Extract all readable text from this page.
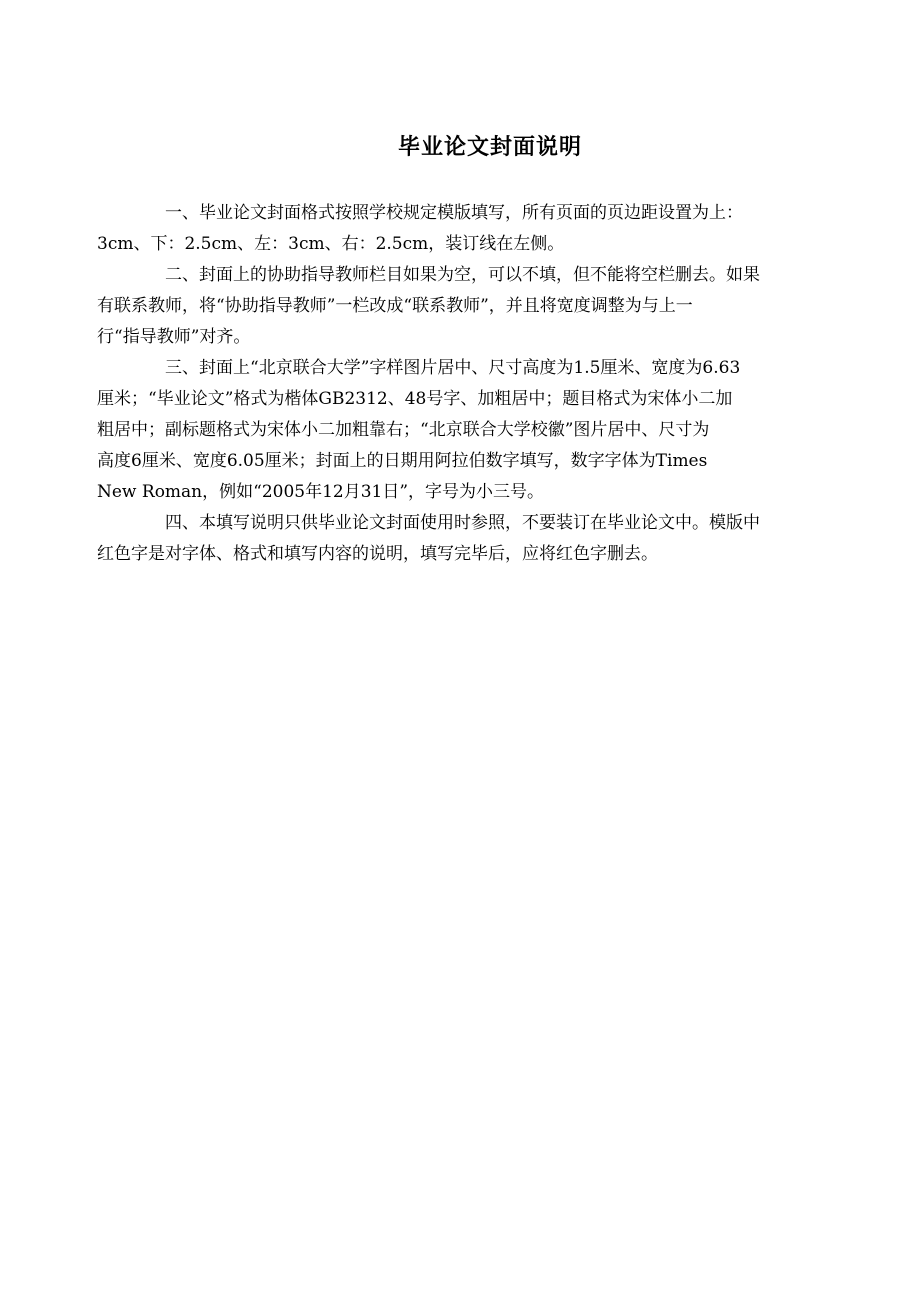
毕业论文封面说明
一、毕业论文封面格式按照学校规定模版填写，所有页面的页边距设置为上：
3cm、下：2.5cm、左：3cm、右：2.5cm，装订线在左侧。
二、封面上的协助指导教师栏目如果为空，可以不填，但不能将空栏删去。如果
有联系教师，将“协助指导教师”一栏改成“联系教师”，并且将宽度调整为与上一
行“指导教师”对齐。
三、封面上“北京联合大学”字样图片居中、尺寸高度为1.5厘米、宽度为6.63
厘米；“毕业论文”格式为楷体GB2312、48号字、加粗居中；题目格式为宋体小二加
粗居中；副标题格式为宋体小二加粗靠右；“北京联合大学校徽”图片居中、尺寸为
高度6厘米、宽度6.05厘米；封面上的日期用阿拉伯数字填写，数字字体为Times
New Roman，例如“2005年12月31日”，字号为小三号。
四、本填写说明只供毕业论文封面使用时参照，不要装订在毕业论文中。模版中
红色字是对字体、格式和填写内容的说明，填写完毕后，应将红色字删去。
